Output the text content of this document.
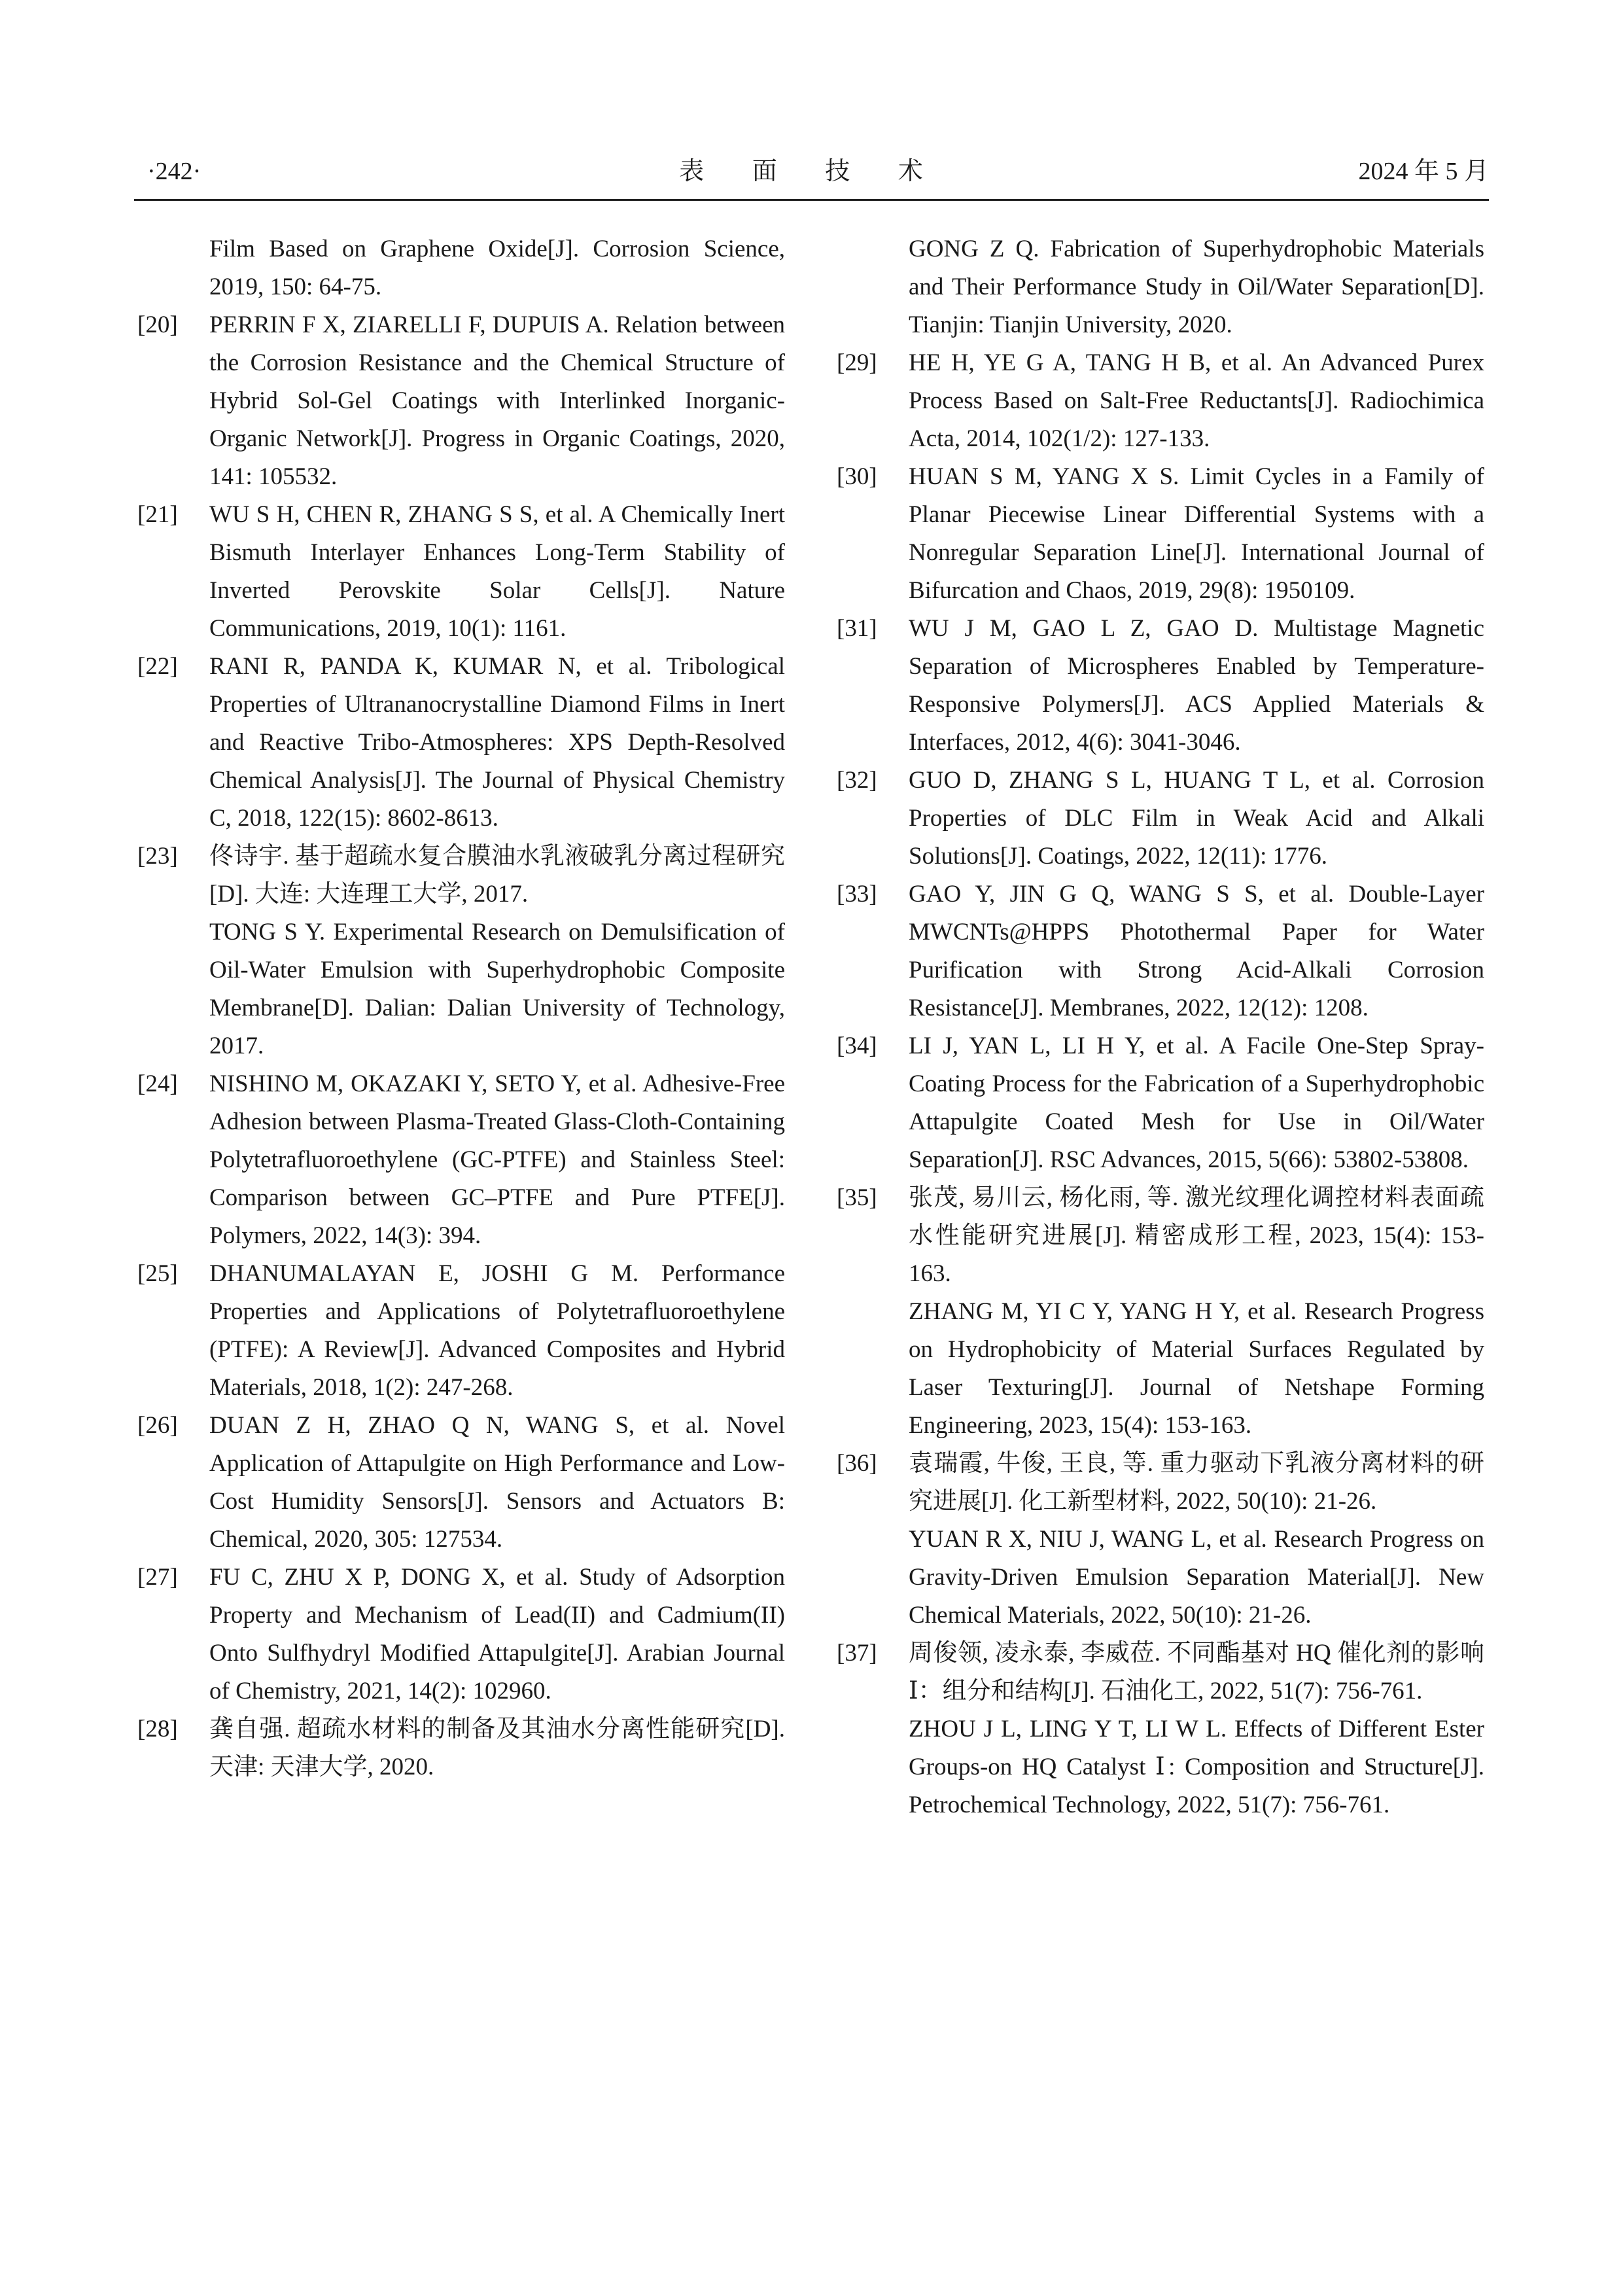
·242·	表 面 技 术	2024 年 5 月
Film Based on Graphene Oxide[J]. Corrosion Science, 2019, 150: 64-75.
[20] PERRIN F X, ZIARELLI F, DUPUIS A. Relation between the Corrosion Resistance and the Chemical Structure of Hybrid Sol-Gel Coatings with Interlinked Inorganic-Organic Network[J]. Progress in Organic Coatings, 2020, 141: 105532.
[21] WU S H, CHEN R, ZHANG S S, et al. A Chemically Inert Bismuth Interlayer Enhances Long-Term Stability of Inverted Perovskite Solar Cells[J]. Nature Communications, 2019, 10(1): 1161.
[22] RANI R, PANDA K, KUMAR N, et al. Tribological Properties of Ultrananocrystalline Diamond Films in Inert and Reactive Tribo-Atmospheres: XPS Depth-Resolved Chemical Analysis[J]. The Journal of Physical Chemistry C, 2018, 122(15): 8602-8613.
[23] 佟诗宇. 基于超疏水复合膜油水乳液破乳分离过程研究[D]. 大连: 大连理工大学, 2017.
TONG S Y. Experimental Research on Demulsification of Oil-Water Emulsion with Superhydrophobic Composite Membrane[D]. Dalian: Dalian University of Technology, 2017.
[24] NISHINO M, OKAZAKI Y, SETO Y, et al. Adhesive-Free Adhesion between Plasma-Treated Glass-Cloth-Containing Polytetrafluoroethylene (GC-PTFE) and Stainless Steel: Comparison between GC–PTFE and Pure PTFE[J]. Polymers, 2022, 14(3): 394.
[25] DHANUMALAYAN E, JOSHI G M. Performance Properties and Applications of Polytetrafluoroethylene (PTFE): A Review[J]. Advanced Composites and Hybrid Materials, 2018, 1(2): 247-268.
[26] DUAN Z H, ZHAO Q N, WANG S, et al. Novel Application of Attapulgite on High Performance and Low-Cost Humidity Sensors[J]. Sensors and Actuators B: Chemical, 2020, 305: 127534.
[27] FU C, ZHU X P, DONG X, et al. Study of Adsorption Property and Mechanism of Lead(II) and Cadmium(II) Onto Sulfhydryl Modified Attapulgite[J]. Arabian Journal of Chemistry, 2021, 14(2): 102960.
[28] 龚自强. 超疏水材料的制备及其油水分离性能研究[D]. 天津: 天津大学, 2020.
GONG Z Q. Fabrication of Superhydrophobic Materials and Their Performance Study in Oil/Water Separation[D]. Tianjin: Tianjin University, 2020.
[29] HE H, YE G A, TANG H B, et al. An Advanced Purex Process Based on Salt-Free Reductants[J]. Radiochimica Acta, 2014, 102(1/2): 127-133.
[30] HUAN S M, YANG X S. Limit Cycles in a Family of Planar Piecewise Linear Differential Systems with a Nonregular Separation Line[J]. International Journal of Bifurcation and Chaos, 2019, 29(8): 1950109.
[31] WU J M, GAO L Z, GAO D. Multistage Magnetic Separation of Microspheres Enabled by Temperature-Responsive Polymers[J]. ACS Applied Materials & Interfaces, 2012, 4(6): 3041-3046.
[32] GUO D, ZHANG S L, HUANG T L, et al. Corrosion Properties of DLC Film in Weak Acid and Alkali Solutions[J]. Coatings, 2022, 12(11): 1776.
[33] GAO Y, JIN G Q, WANG S S, et al. Double-Layer MWCNTs@HPPS Photothermal Paper for Water Purification with Strong Acid-Alkali Corrosion Resistance[J]. Membranes, 2022, 12(12): 1208.
[34] LI J, YAN L, LI H Y, et al. A Facile One-Step Spray-Coating Process for the Fabrication of a Superhydrophobic Attapulgite Coated Mesh for Use in Oil/Water Separation[J]. RSC Advances, 2015, 5(66): 53802-53808.
[35] 张茂, 易川云, 杨化雨, 等. 激光纹理化调控材料表面疏水性能研究进展[J]. 精密成形工程, 2023, 15(4): 153-163.
ZHANG M, YI C Y, YANG H Y, et al. Research Progress on Hydrophobicity of Material Surfaces Regulated by Laser Texturing[J]. Journal of Netshape Forming Engineering, 2023, 15(4): 153-163.
[36] 袁瑞霞, 牛俊, 王良, 等. 重力驱动下乳液分离材料的研究进展[J]. 化工新型材料, 2022, 50(10): 21-26.
YUAN R X, NIU J, WANG L, et al. Research Progress on Gravity-Driven Emulsion Separation Material[J]. New Chemical Materials, 2022, 50(10): 21-26.
[37] 周俊领, 凌永泰, 李威莅. 不同酯基对 HQ 催化剂的影响Ⅰ：组分和结构[J]. 石油化工, 2022, 51(7): 756-761.
ZHOU J L, LING Y T, LI W L. Effects of Different Ester Groups-on HQ Catalyst Ⅰ: Composition and Structure[J]. Petrochemical Technology, 2022, 51(7): 756-761.
